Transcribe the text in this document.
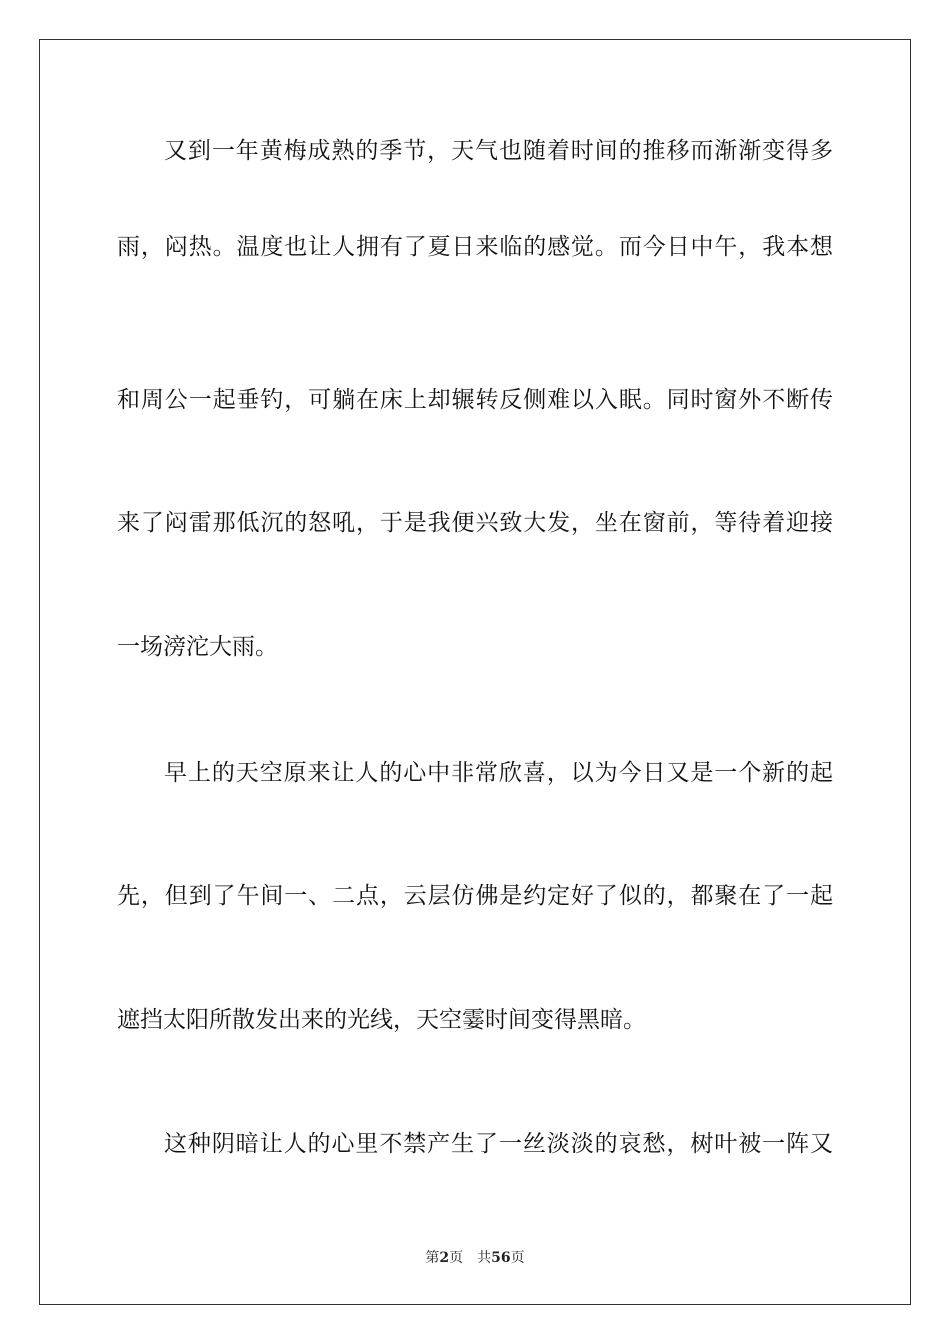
又到一年黄梅成熟的季节，天气也随着时间的推移而渐渐变得多
雨，闷热。温度也让人拥有了夏日来临的感觉。而今日中午，我本想
和周公一起垂钓，可躺在床上却辗转反侧难以入眠。同时窗外不断传
来了闷雷那低沉的怒吼，于是我便兴致大发，坐在窗前，等待着迎接
一场滂沱大雨。
早上的天空原来让人的心中非常欣喜，以为今日又是一个新的起
先，但到了午间一、二点，云层仿佛是约定好了似的，都聚在了一起
遮挡太阳所散发出来的光线，天空霎时间变得黑暗。
这种阴暗让人的心里不禁产生了一丝淡淡的哀愁，树叶被一阵又
第2页　共56页
